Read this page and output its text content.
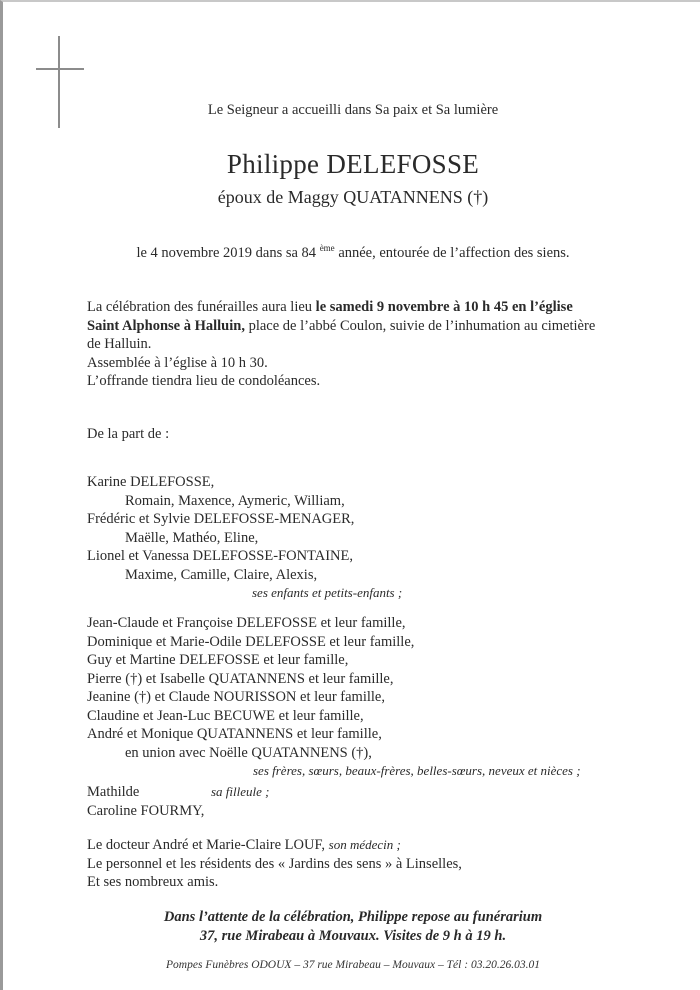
Le Seigneur a accueilli dans Sa paix et Sa lumière
Philippe DELEFOSSE
époux de Maggy QUATANNENS (†)
le 4 novembre 2019 dans sa 84 $^{ème}$ année, entourée de l’affection des siens.
La célébration des funérailles aura lieu le samedi 9 novembre à 10 h 45 en l’église
Saint Alphonse à Halluin, place de l’abbé Coulon, suivie de l’inhumation au cimetière
de Halluin.
Assemblée à l’église à 10 h 30.
L’offrande tiendra lieu de condoléances.
De la part de :
Karine DELEFOSSE,
Romain, Maxence, Aymeric, William,
Frédéric et Sylvie DELEFOSSE-MENAGER,
Maëlle, Mathéo, Eline,
Lionel et Vanessa DELEFOSSE-FONTAINE,
Maxime, Camille, Claire, Alexis,
ses enfants et petits-enfants ;
Jean-Claude et Françoise DELEFOSSE et leur famille,
Dominique et Marie-Odile DELEFOSSE et leur famille,
Guy et Martine DELEFOSSE et leur famille,
Pierre (†) et Isabelle QUATANNENS et leur famille,
Jeanine (†) et Claude NOURISSON et leur famille,
Claudine et Jean-Luc BECUWE et leur famille,
André et Monique QUATANNENS et leur famille,
en union avec Noëlle QUATANNENS (†),
ses frères, sœurs, beaux-frères, belles-sœurs, neveux et nièces ;
Mathilde	sa filleule ;
Caroline FOURMY,
Le docteur André et Marie-Claire LOUF, son médecin ;
Le personnel et les résidents des « Jardins des sens » à Linselles,
Et ses nombreux amis.
Dans l’attente de la célébration, Philippe repose au funérarium
37, rue Mirabeau à Mouvaux. Visites de 9 h à 19 h.
Pompes Funèbres ODOUX – 37 rue Mirabeau – Mouvaux – Tél : 03.20.26.03.01
